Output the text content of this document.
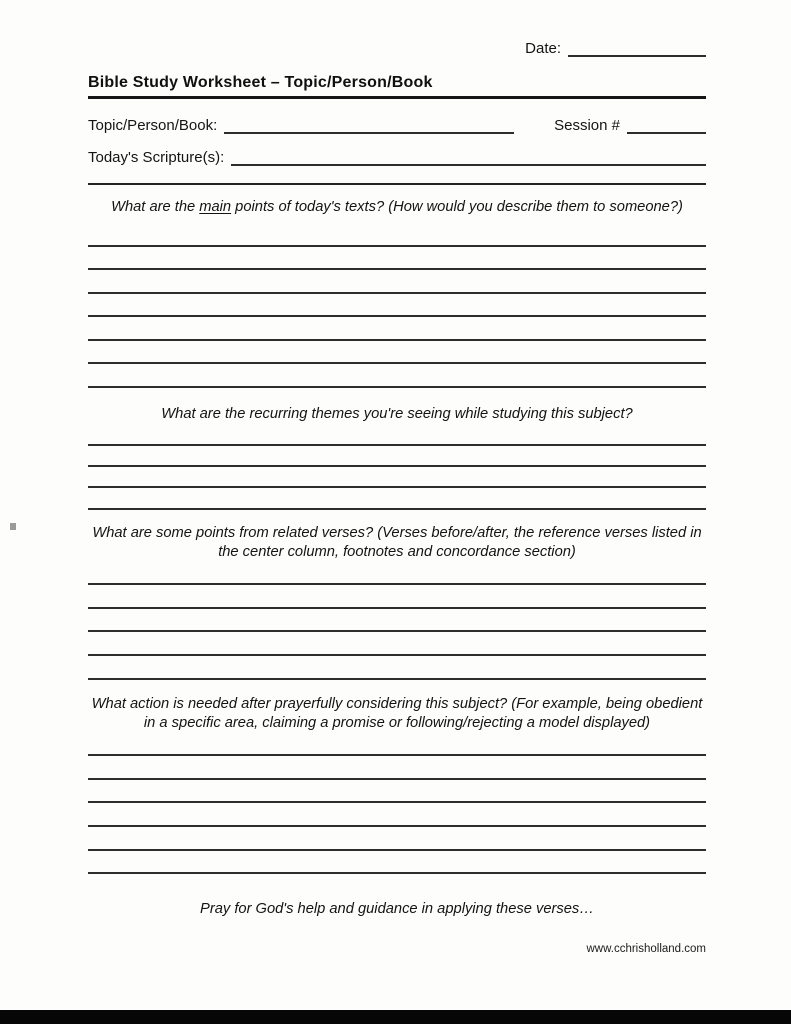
Date:
Bible Study Worksheet – Topic/Person/Book
Topic/Person/Book:	Session #
Today's Scripture(s):

What are the main points of today's texts? (How would you describe them to someone?)

What are the recurring themes you're seeing while studying this subject?

What are some points from related verses? (Verses before/after, the reference verses listed in the center column, footnotes and concordance section)

What action is needed after prayerfully considering this subject? (For example, being obedient in a specific area, claiming a promise or following/rejecting a model displayed)

Pray for God's help and guidance in applying these verses…

www.cchrisholland.com
